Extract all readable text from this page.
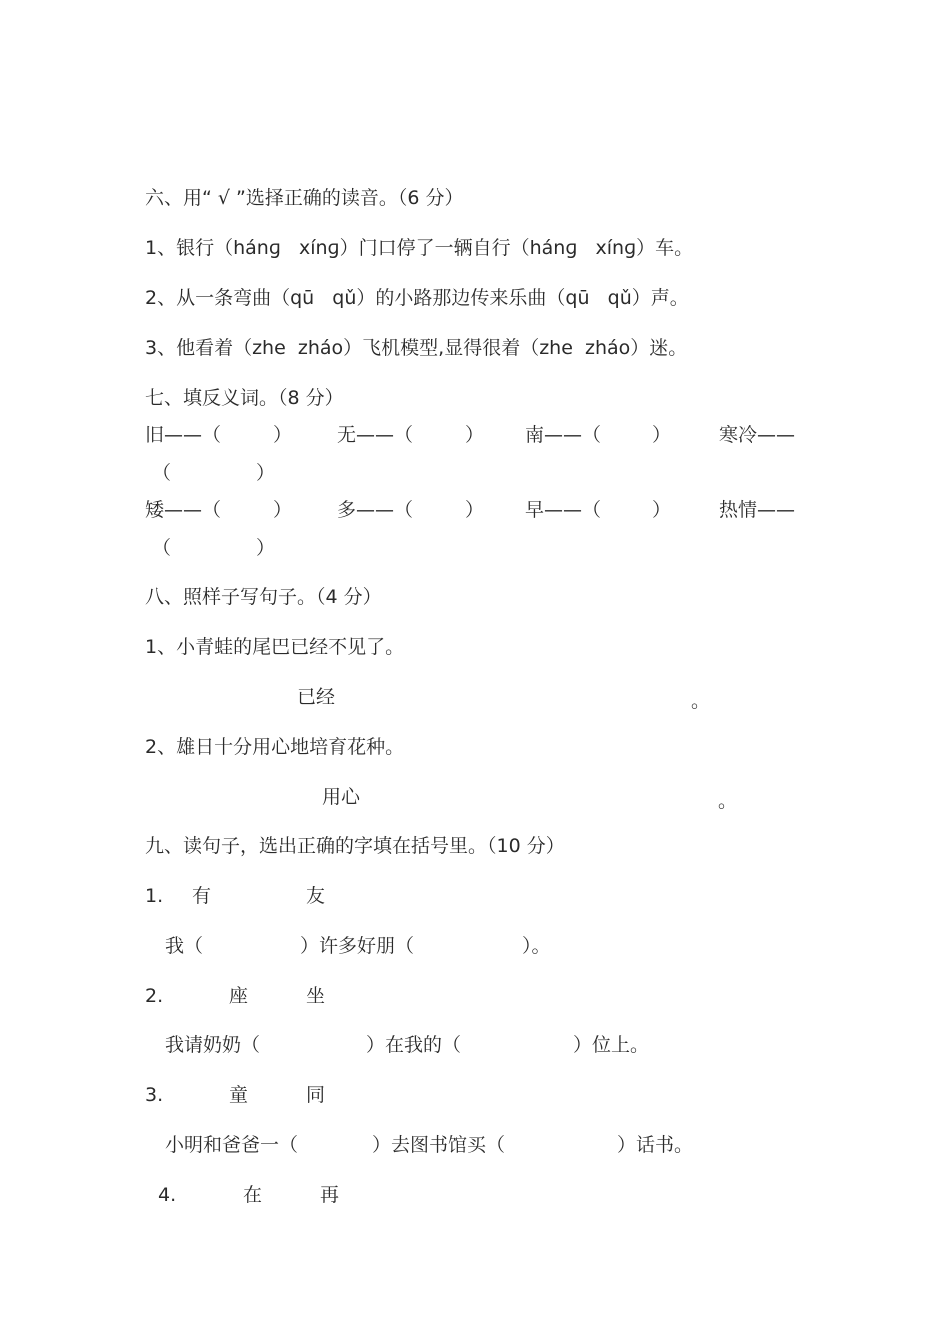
六、用“ √ ”选择正确的读音。（6 分）
1、银行（hánɡ   xínɡ）门口停了一辆自行（hánɡ   xínɡ）车。
2、从一条弯曲（qū   qǔ）的小路那边传来乐曲（qū   qǔ）声。
3、他看着（zhe  zháo）飞机模型,显得很着（zhe  zháo）迷。
七、填反义词。（8 分）
旧——（	） 无——（	） 南——（	）	寒冷——
（	）
矮——（	） 多——（	） 早——（	）	热情——
（	）
八、照样子写句子。（4 分）
1、小青蛙的尾巴已经不见了。
已经	。
2、雄日十分用心地培育花种。
用心	。
九、读句子，选出正确的字填在括号里。（10 分）
1. 有	友
我（	）许多好朋（	）。
2.	座	坐
我请奶奶（	）在我的（	）位上。
3.	童	同
小明和爸爸一（	）去图书馆买（	）话书。
4.	在	再
